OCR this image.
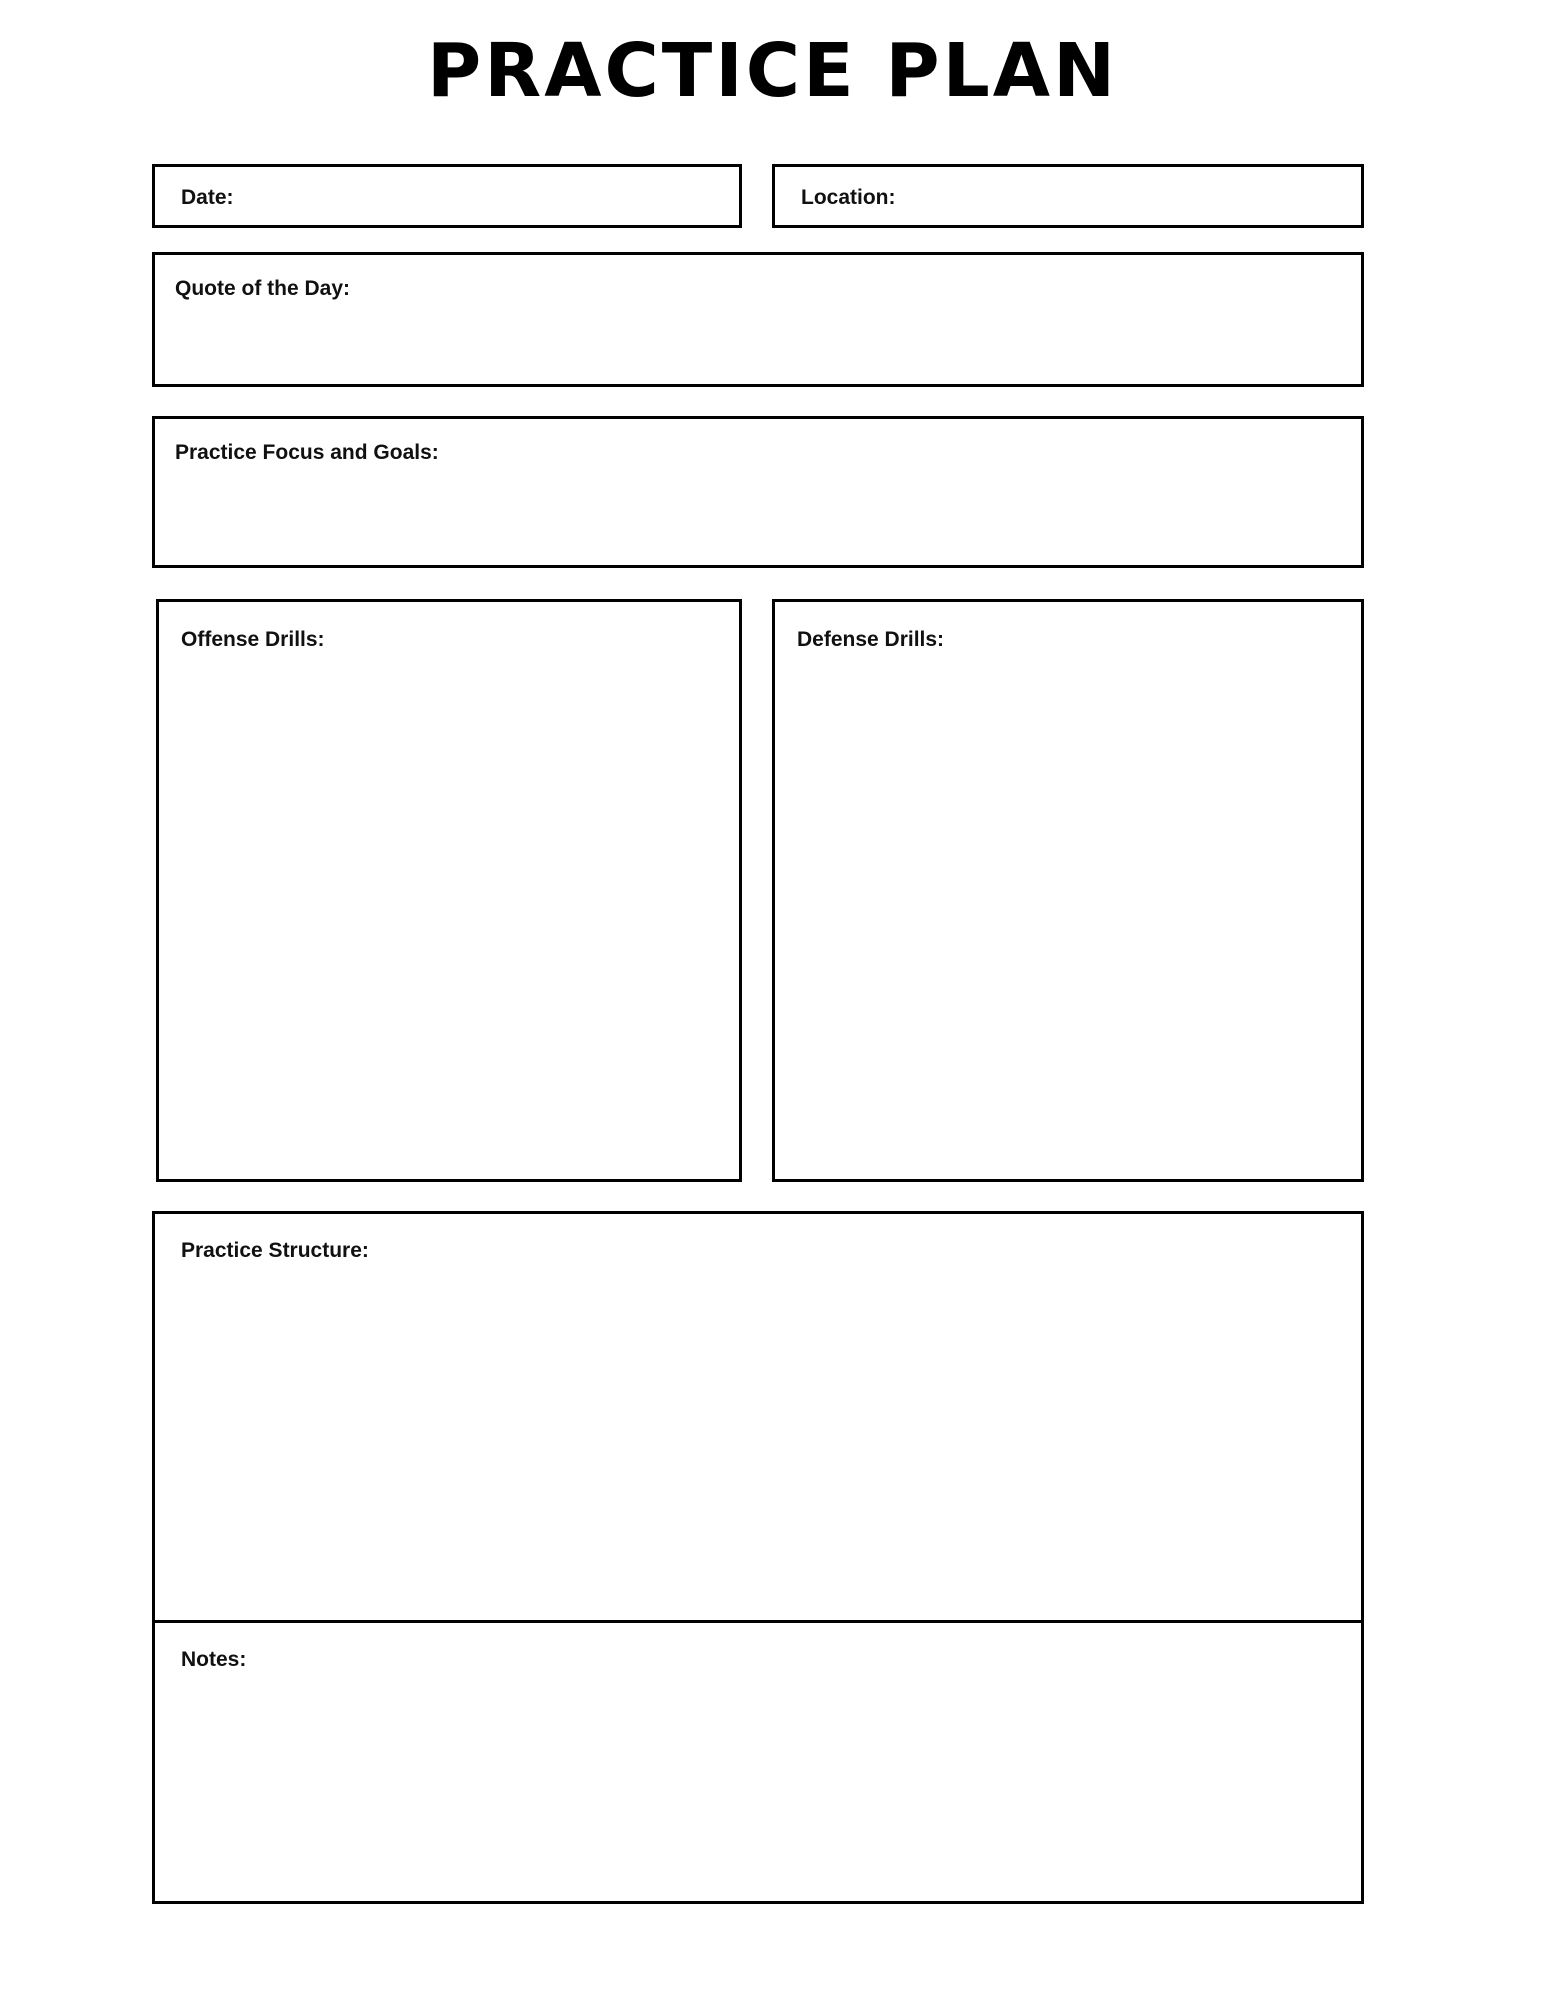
PRACTICE PLAN
Date:	Location:
Quote of the Day:
Practice Focus and Goals:
Offense Drills:	Defense Drills:
Practice Structure:
Notes:
